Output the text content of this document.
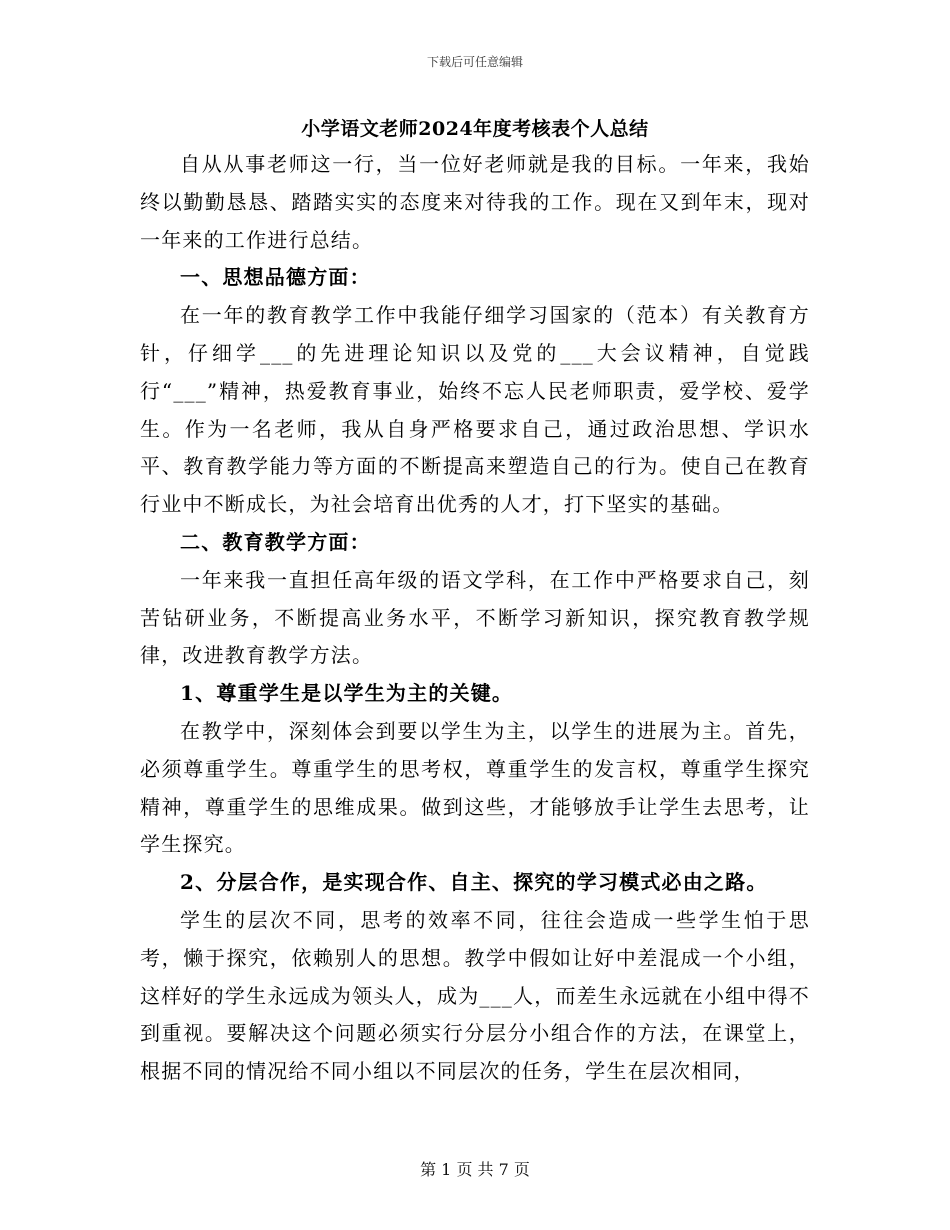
下载后可任意编辑
小学语文老师2024年度考核表个人总结

自从从事老师这一行，当一位好老师就是我的目标。一年来，我始终以勤勤恳恳、踏踏实实的态度来对待我的工作。现在又到年末，现对一年来的工作进行总结。

一、思想品德方面：

在一年的教育教学工作中我能仔细学习国家的（范本）有关教育方针，仔细学___的先进理论知识以及党的___大会议精神，自觉践行“___”精神，热爱教育事业，始终不忘人民老师职责，爱学校、爱学生。作为一名老师，我从自身严格要求自己，通过政治思想、学识水平、教育教学能力等方面的不断提高来塑造自己的行为。使自己在教育行业中不断成长，为社会培育出优秀的人才，打下坚实的基础。

二、教育教学方面：

一年来我一直担任高年级的语文学科，在工作中严格要求自己，刻苦钻研业务，不断提高业务水平，不断学习新知识，探究教育教学规律，改进教育教学方法。

1、尊重学生是以学生为主的关键。

在教学中，深刻体会到要以学生为主，以学生的进展为主。首先，必须尊重学生。尊重学生的思考权，尊重学生的发言权，尊重学生探究精神，尊重学生的思维成果。做到这些，才能够放手让学生去思考，让学生探究。

2、分层合作，是实现合作、自主、探究的学习模式必由之路。

学生的层次不同，思考的效率不同，往往会造成一些学生怕于思考，懒于探究，依赖别人的思想。教学中假如让好中差混成一个小组，这样好的学生永远成为领头人，成为___人，而差生永远就在小组中得不到重视。要解决这个问题必须实行分层分小组合作的方法，在课堂上，根据不同的情况给不同小组以不同层次的任务，学生在层次相同，

第 1 页 共 7 页
